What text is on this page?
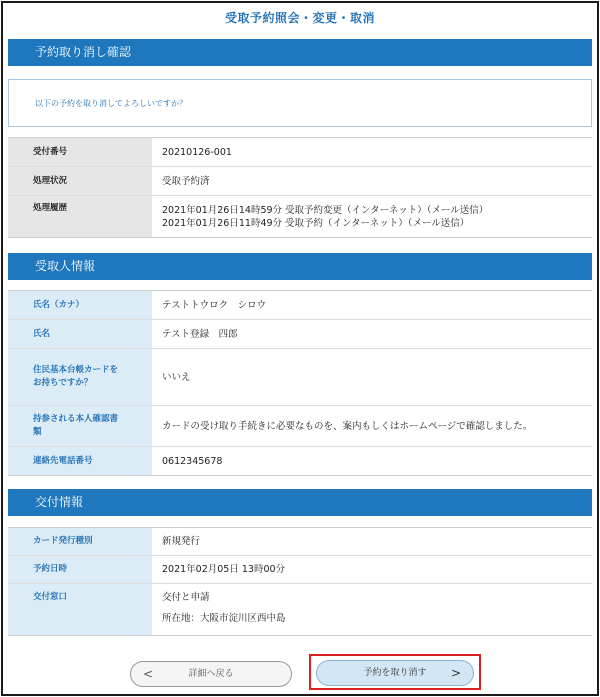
受取予約照会・変更・取消
予約取り消し確認
以下の予約を取り消してよろしいですか？
受付番号	20210126-001
処理状況	受取予約済
処理履歴	2021年01月26日14時59分 受取予約変更（インターネット）（メール送信）
2021年01月26日11時49分 受取予約（インターネット）（メール送信）
受取人情報
氏名（カナ）	テストトウロク　シロウ
氏名	テスト登録　四郎
住民基本台帳カードをお持ちですか？	いいえ
持参される本人確認書類	カードの受け取り手続きに必要なものを、案内もしくはホームページで確認しました。
連絡先電話番号	0612345678
交付情報
カード発行種別	新規発行
予約日時	2021年02月05日 13時00分
交付窓口	交付と申請
所在地：大阪市淀川区西中島
<	詳細へ戻る	予約を取り消す >
